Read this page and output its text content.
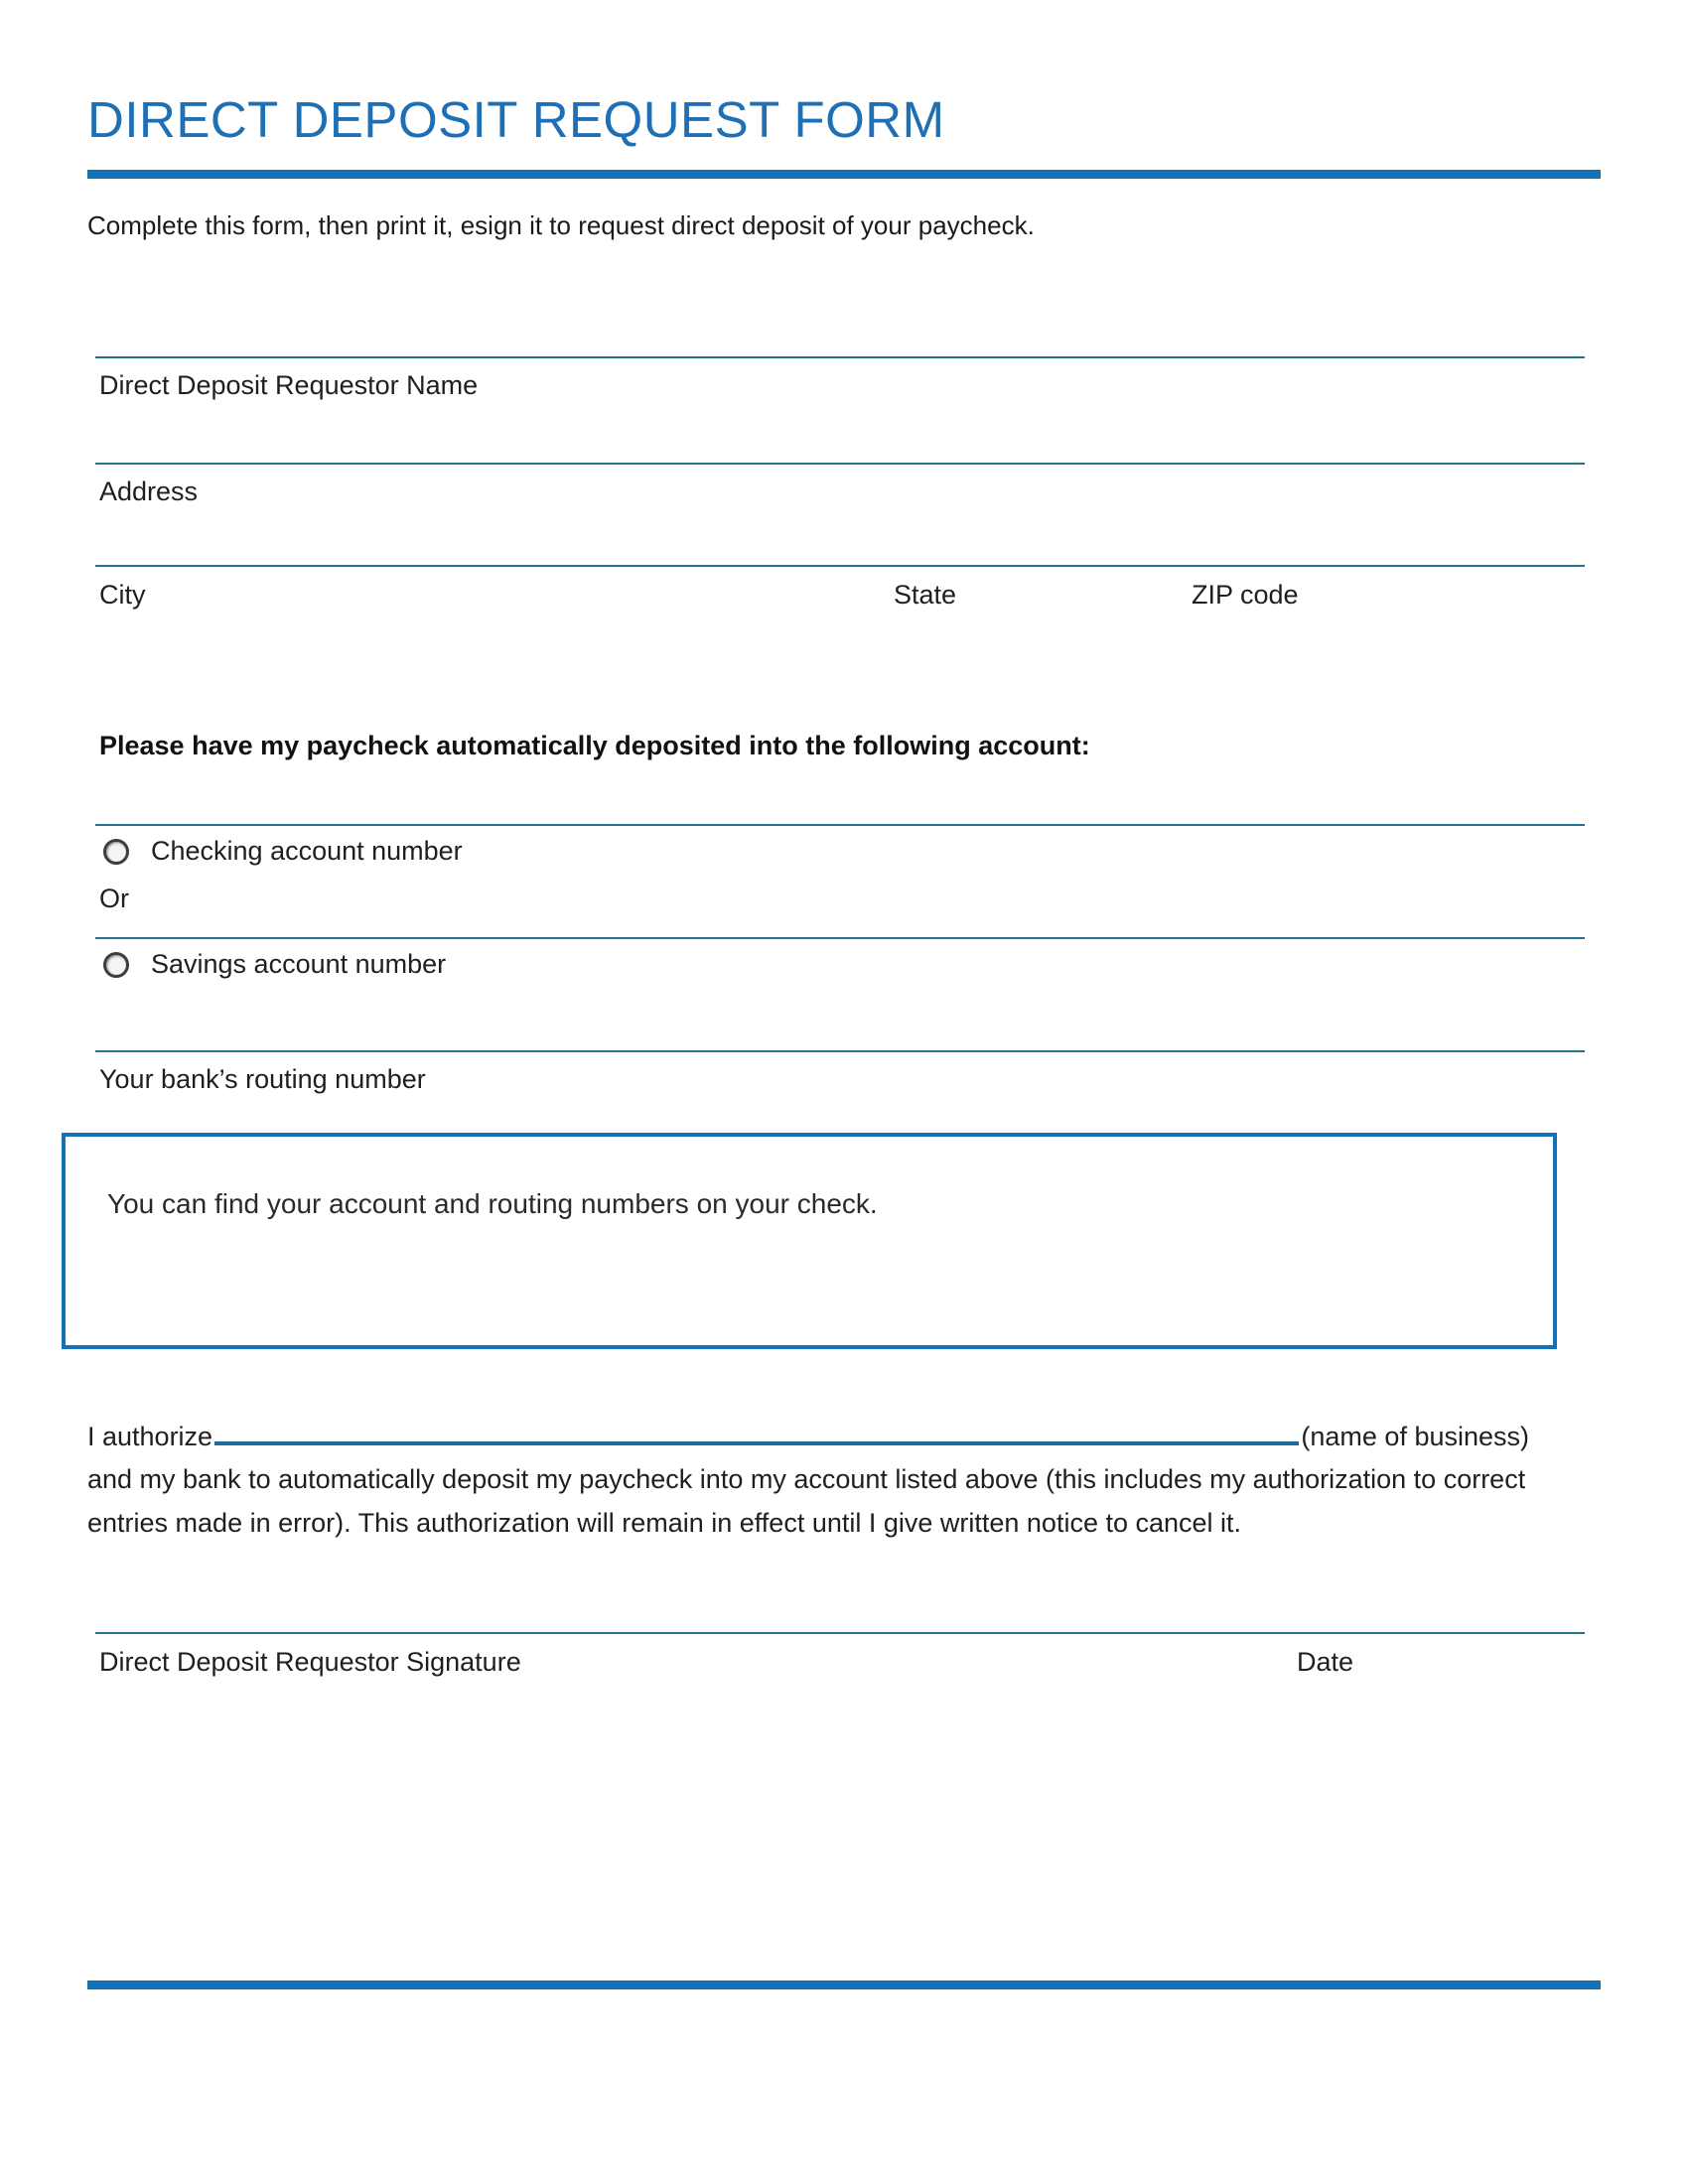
DIRECT DEPOSIT REQUEST FORM
Complete this form, then print it, esign it to request direct deposit of your paycheck.
Direct Deposit Requestor Name
Address
City	State	ZIP code
Please have my paycheck automatically deposited into the following account:
Checking account number
Or
Savings account number
Your bank’s routing number
You can find your account and routing numbers on your check.
I authorize	(name of business)
and my bank to automatically deposit my paycheck into my account listed above (this includes my authorization to correct entries made in error). This authorization will remain in effect until I give written notice to cancel it.
Direct Deposit Requestor Signature	Date
